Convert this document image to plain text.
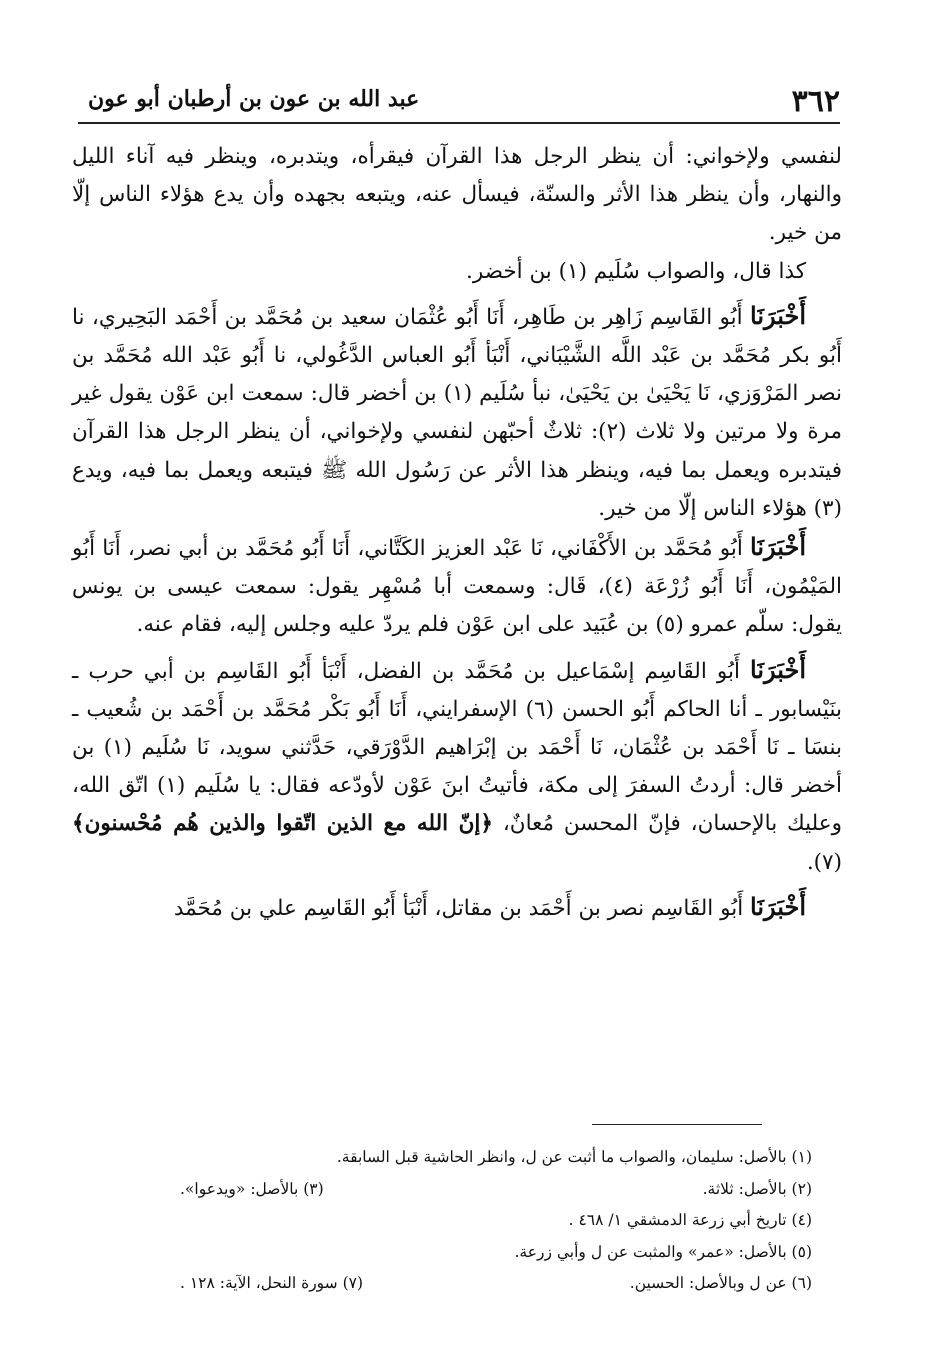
٣٦٢
عبد الله بن عون بن أرطبان أبو عون

لنفسي ولإخواني: أن ينظر الرجل هذا القرآن فيقرأه، ويتدبره، وينظر فيه آناء الليل والنهار، وأن ينظر هذا الأثر والسنّة، فيسأل عنه، ويتبعه بجهده وأن يدع هؤلاء الناس إلّا من خير.

كذا قال، والصواب سُلَيم (١) بن أخضر.

أَخْبَرَنَا أَبُو القَاسِم زَاهِر بن طَاهِر، أَنَا أَبُو عُثْمَان سعيد بن مُحَمَّد بن أَحْمَد البَحِيري، نا أَبُو بكر مُحَمَّد بن عَبْد اللَّه الشَّيْبَاني، أَنْبَأ أَبُو العباس الدَّغُولي، نا أَبُو عَبْد الله مُحَمَّد بن نصر المَرْوَزي، نَا يَحْيَىٰ بن يَحْيَىٰ، نبأ سُلَيم (١) بن أخضر قال: سمعت ابن عَوْن يقول غير مرة ولا مرتين ولا ثلاث (٢): ثلاثٌ أحبّهن لنفسي ولإخواني، أن ينظر الرجل هذا القرآن فيتدبره ويعمل بما فيه، وينظر هذا الأثر عن رَسُول الله ﷺ فيتبعه ويعمل بما فيه، ويدع (٣) هؤلاء الناس إلّا من خير.

أَخْبَرَنَا أَبُو مُحَمَّد بن الأَكْفَاني، نَا عَبْد العزيز الكَتَّاني، أَنَا أَبُو مُحَمَّد بن أبي نصر، أَنَا أَبُو المَيْمُون، أَنَا أَبُو زُرْعَة (٤)، قَال: وسمعت أبا مُسْهِر يقول: سمعت عيسى بن يونس يقول: سلّم عمرو (٥) بن عُبَيد على ابن عَوْن فلم يردّ عليه وجلس إليه، فقام عنه.

أَخْبَرَنَا أَبُو القَاسِم إسْمَاعيل بن مُحَمَّد بن الفضل، أَنْبَأ أَبُو القَاسِم بن أبي حرب ـ بنَيْسابور ـ أنا الحاكم أَبُو الحسن (٦) الإسفرايني، أَنَا أَبُو بَكْر مُحَمَّد بن أَحْمَد بن شُعيب ـ بنسَا ـ نَا أَحْمَد بن عُثْمَان، نَا أَحْمَد بن إبْرَاهيم الدَّوْرَقي، حَدَّثني سويد، نَا سُلَيم (١) بن أخضر قال: أردتُ السفرَ إلى مكة، فأتيتُ ابنَ عَوْن لأودّعه فقال: يا سُلَيم (١) اتّق الله، وعليك بالإحسان، فإنّ المحسن مُعانٌ، ﴿إنّ الله مع الذين اتّقوا والذين هُم مُحْسنون﴾ (٧).

أَخْبَرَنَا أَبُو القَاسِم نصر بن أَحْمَد بن مقاتل، أَنْبَأ أَبُو القَاسِم علي بن مُحَمَّد

(١) بالأصل: سليمان، والصواب ما أثبت عن ل، وانظر الحاشية قبل السابقة.
(٢) بالأصل: ثلاثة.
(٣) بالأصل: «ويدعوا».
(٤) تاريخ أبي زرعة الدمشقي ١/ ٤٦٨ .
(٥) بالأصل: «عمر» والمثبت عن ل وأبي زرعة.
(٦) عن ل وبالأصل: الحسين.
(٧) سورة النحل، الآية: ١٢٨ .
